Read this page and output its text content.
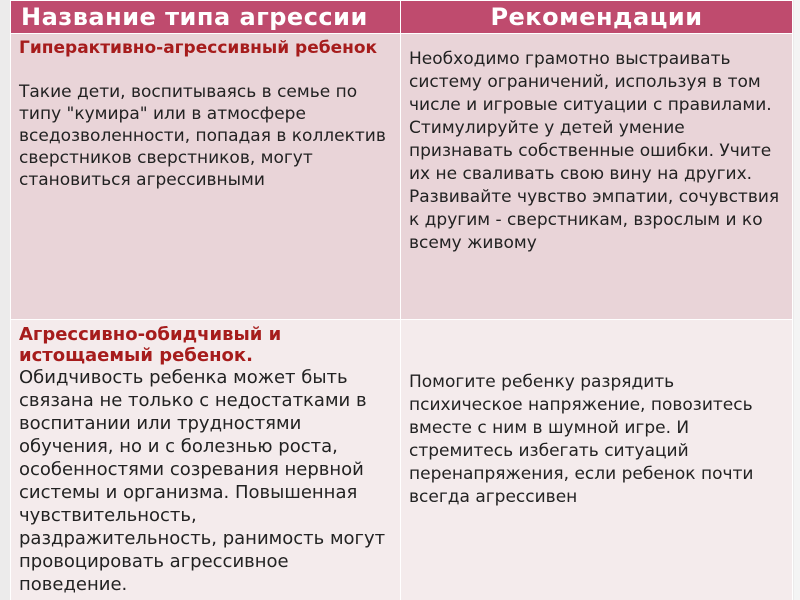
Название типа агрессии	Рекомендации

Гиперактивно-агрессивный ребенок
Такие дети, воспитываясь в семье по типу "кумира" или в атмосфере вседозволенности, попадая в коллектив сверстников сверстников, могут становиться агрессивными	Необходимо грамотно выстраивать систему ограничений, используя в том числе и игровые ситуации с правилами. Стимулируйте у детей умение признавать собственные ошибки. Учите их не сваливать свою вину на других. Развивайте чувство эмпатии, сочувствия к другим - сверстникам, взрослым и ко всему живому

Агрессивно-обидчивый и истощаемый ребенок.
Обидчивость ребенка может быть связана не только с недостатками в воспитании или трудностями обучения, но и с болезнью роста, особенностями созревания нервной системы и организма. Повышенная чувствительность, раздражительность, ранимость могут провоцировать агрессивное поведение.	Помогите ребенку разрядить психическое напряжение, повозитесь вместе с ним в шумной игре. И стремитесь избегать ситуаций перенапряжения, если ребенок почти всегда агрессивен
